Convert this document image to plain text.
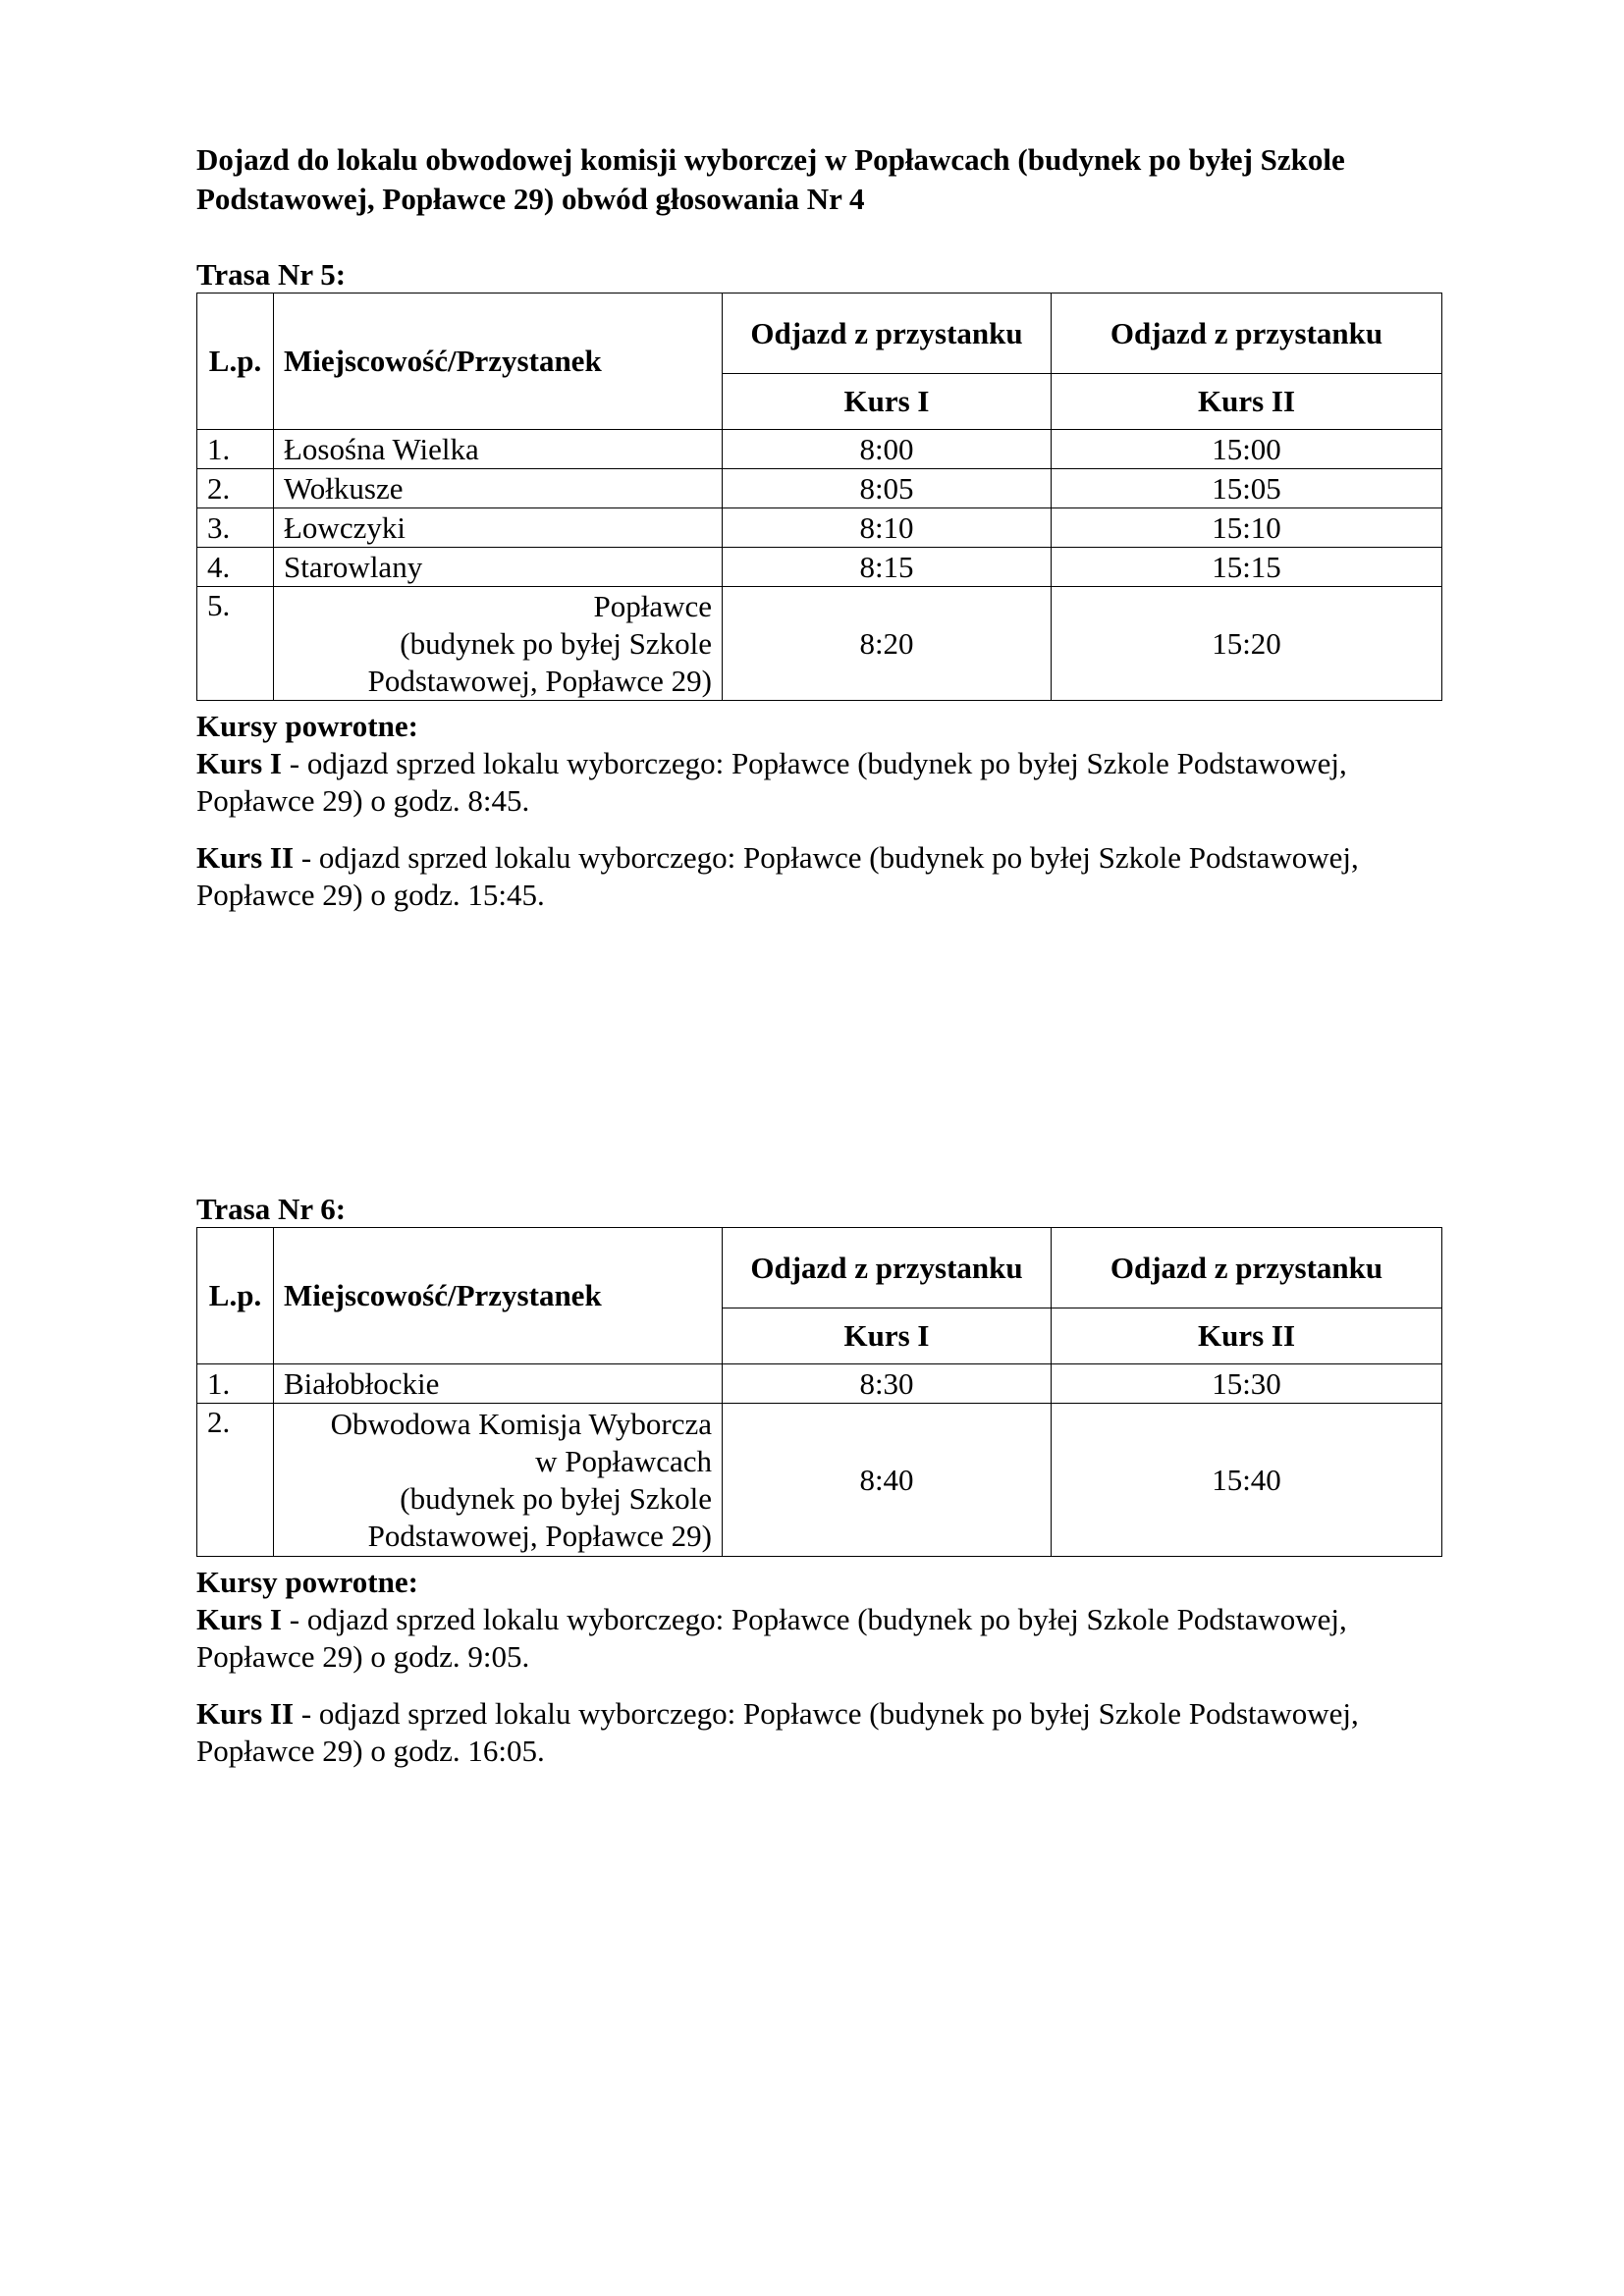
Dojazd do lokalu obwodowej komisji wyborczej w Popławcach (budynek po byłej Szkole Podstawowej, Popławce 29) obwód głosowania Nr 4
Trasa Nr 5:
L.p.	Miejscowość/Przystanek	Odjazd z przystanku	Odjazd z przystanku
		Kurs I	Kurs II
1.	Łosośna Wielka	8:00	15:00
2.	Wołkusze	8:05	15:05
3.	Łowczyki	8:10	15:10
4.	Starowlany	8:15	15:15
5.	Popławce
(budynek po byłej Szkole
Podstawowej, Popławce 29)	8:20	15:20
Kursy powrotne:

Kurs I - odjazd sprzed lokalu wyborczego: Popławce (budynek po byłej Szkole Podstawowej, Popławce 29) o godz. 8:45.

Kurs II - odjazd sprzed lokalu wyborczego: Popławce (budynek po byłej Szkole Podstawowej, Popławce 29) o godz. 15:45.

Trasa Nr 6:
L.p.	Miejscowość/Przystanek	Odjazd z przystanku	Odjazd z przystanku
		Kurs I	Kurs II
1.	Białobłockie	8:30	15:30
2.	Obwodowa Komisja Wyborcza
w Popławcach
(budynek po byłej Szkole
Podstawowej, Popławce 29)	8:40	15:40
Kursy powrotne:

Kurs I - odjazd sprzed lokalu wyborczego: Popławce (budynek po byłej Szkole Podstawowej, Popławce 29) o godz. 9:05.

Kurs II - odjazd sprzed lokalu wyborczego: Popławce (budynek po byłej Szkole Podstawowej, Popławce 29) o godz. 16:05.
